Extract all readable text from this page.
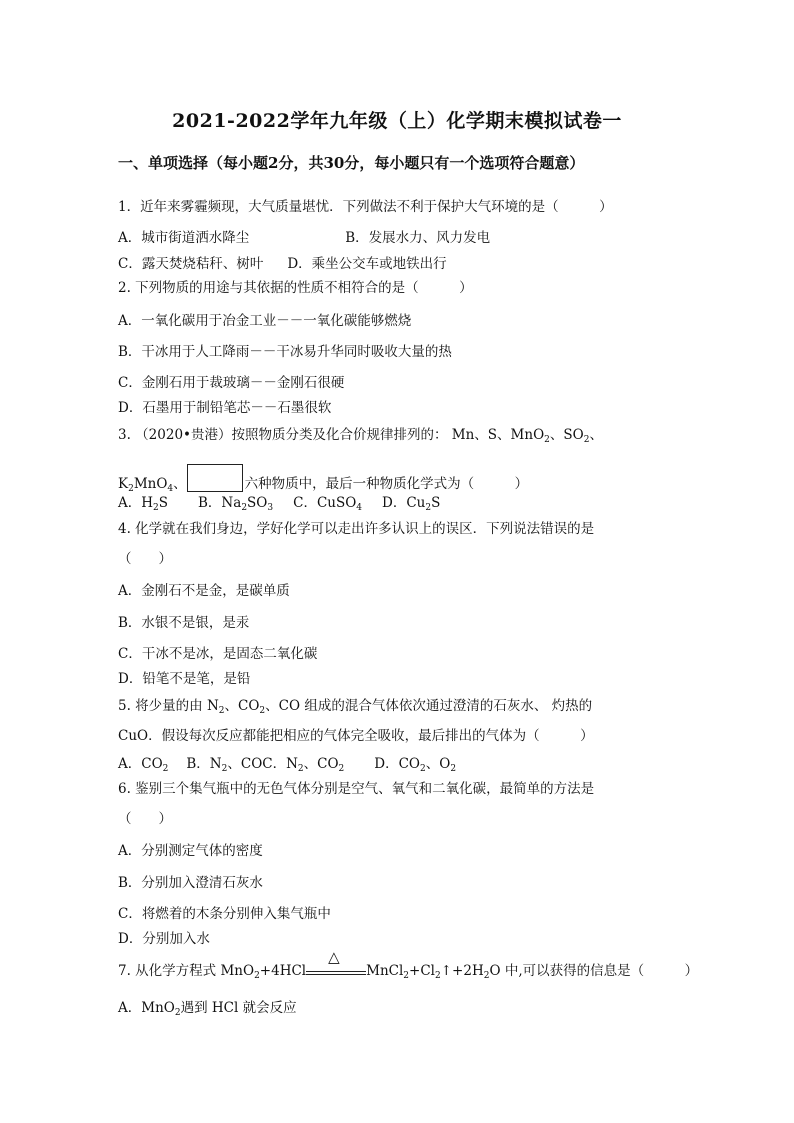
2021-2022学年九年级（上）化学期末模拟试卷一
一、单项选择（每小题2分，共30分，每小题只有一个选项符合题意）
1．近年来雾霾频现，大气质量堪忧．下列做法不利于保护大气环境的是（　　　）
A．城市街道洒水降尘	B．发展水力、风力发电
C．露天焚烧秸秆、树叶 D．乘坐公交车或地铁出行
2. 下列物质的用途与其依据的性质不相符合的是（　　　）
A．一氧化碳用于冶金工业－－一氧化碳能够燃烧
B．干冰用于人工降雨－－干冰易升华同时吸收大量的热
C．金刚石用于裁玻璃－－金刚石很硬
D．石墨用于制铅笔芯－－石墨很软
3. （2020•贵港）按照物质分类及化合价规律排列的： Mn、S、MnO$_2$、$SO_2$、
$K_2MnO_4$、	六种物质中，最后一种物质化学式为（　　　）
A．$H_2S$ B．$Na_2SO_3$ C．CuSO$_4$ D．$Cu_2S$
4. 化学就在我们身边，学好化学可以走出许多认识上的误区．下列说法错误的是
（　　）
A．金刚石不是金，是碳单质
B．水银不是银，是汞
C．干冰不是冰，是固态二氧化碳
D．铅笔不是笔，是铅
5. 将少量的由 $N_2$、$CO_2$、CO 组成的混合气体依次通过澄清的石灰水、 灼热的
CuO．假设每次反应都能把相应的气体完全吸收，最后排出的气体为（　　　）
A．$CO_2$ B．$N_2$、COC．$N_2$、$CO_2$ D．$CO_2$、$O_2$
6. 鉴别三个集气瓶中的无色气体分别是空气、氧气和二氧化碳，最简单的方法是
（　　）
A．分别测定气体的密度
B．分别加入澄清石灰水
C．将燃着的木条分别伸入集气瓶中
D．分别加入水
7. 从化学方程式 MnO$_2$+4HCl
△
$MnCl_2+Cl_2↑+2H_2O$ 中,可以获得的信息是（　　　）
A．MnO$_2$遇到 HCl 就会反应
